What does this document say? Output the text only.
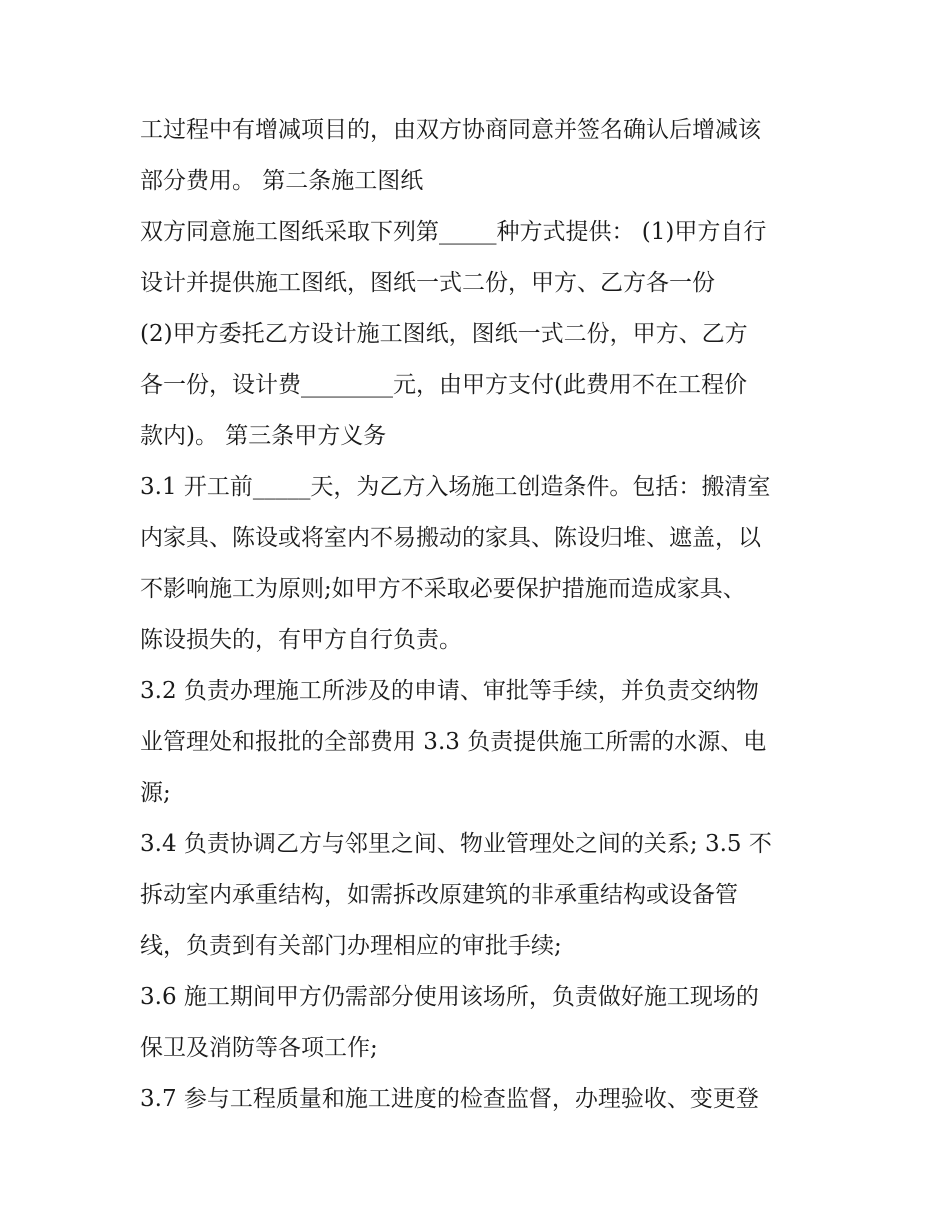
工过程中有增减项目的，由双方协商同意并签名确认后增减该
部分费用。 第二条施工图纸
双方同意施工图纸采取下列第_____种方式提供： (1)甲方自行
设计并提供施工图纸，图纸一式二份，甲方、乙方各一份
(2)甲方委托乙方设计施工图纸，图纸一式二份，甲方、乙方
各一份，设计费________元，由甲方支付(此费用不在工程价
款内)。 第三条甲方义务
3.1 开工前_____天，为乙方入场施工创造条件。包括：搬清室
内家具、陈设或将室内不易搬动的家具、陈设归堆、遮盖，以
不影响施工为原则;如甲方不采取必要保护措施而造成家具、
陈设损失的，有甲方自行负责。
3.2 负责办理施工所涉及的申请、审批等手续，并负责交纳物
业管理处和报批的全部费用 3.3 负责提供施工所需的水源、电
源;
3.4 负责协调乙方与邻里之间、物业管理处之间的关系; 3.5 不
拆动室内承重结构，如需拆改原建筑的非承重结构或设备管
线，负责到有关部门办理相应的审批手续;
3.6 施工期间甲方仍需部分使用该场所，负责做好施工现场的
保卫及消防等各项工作;
3.7 参与工程质量和施工进度的检查监督，办理验收、变更登
